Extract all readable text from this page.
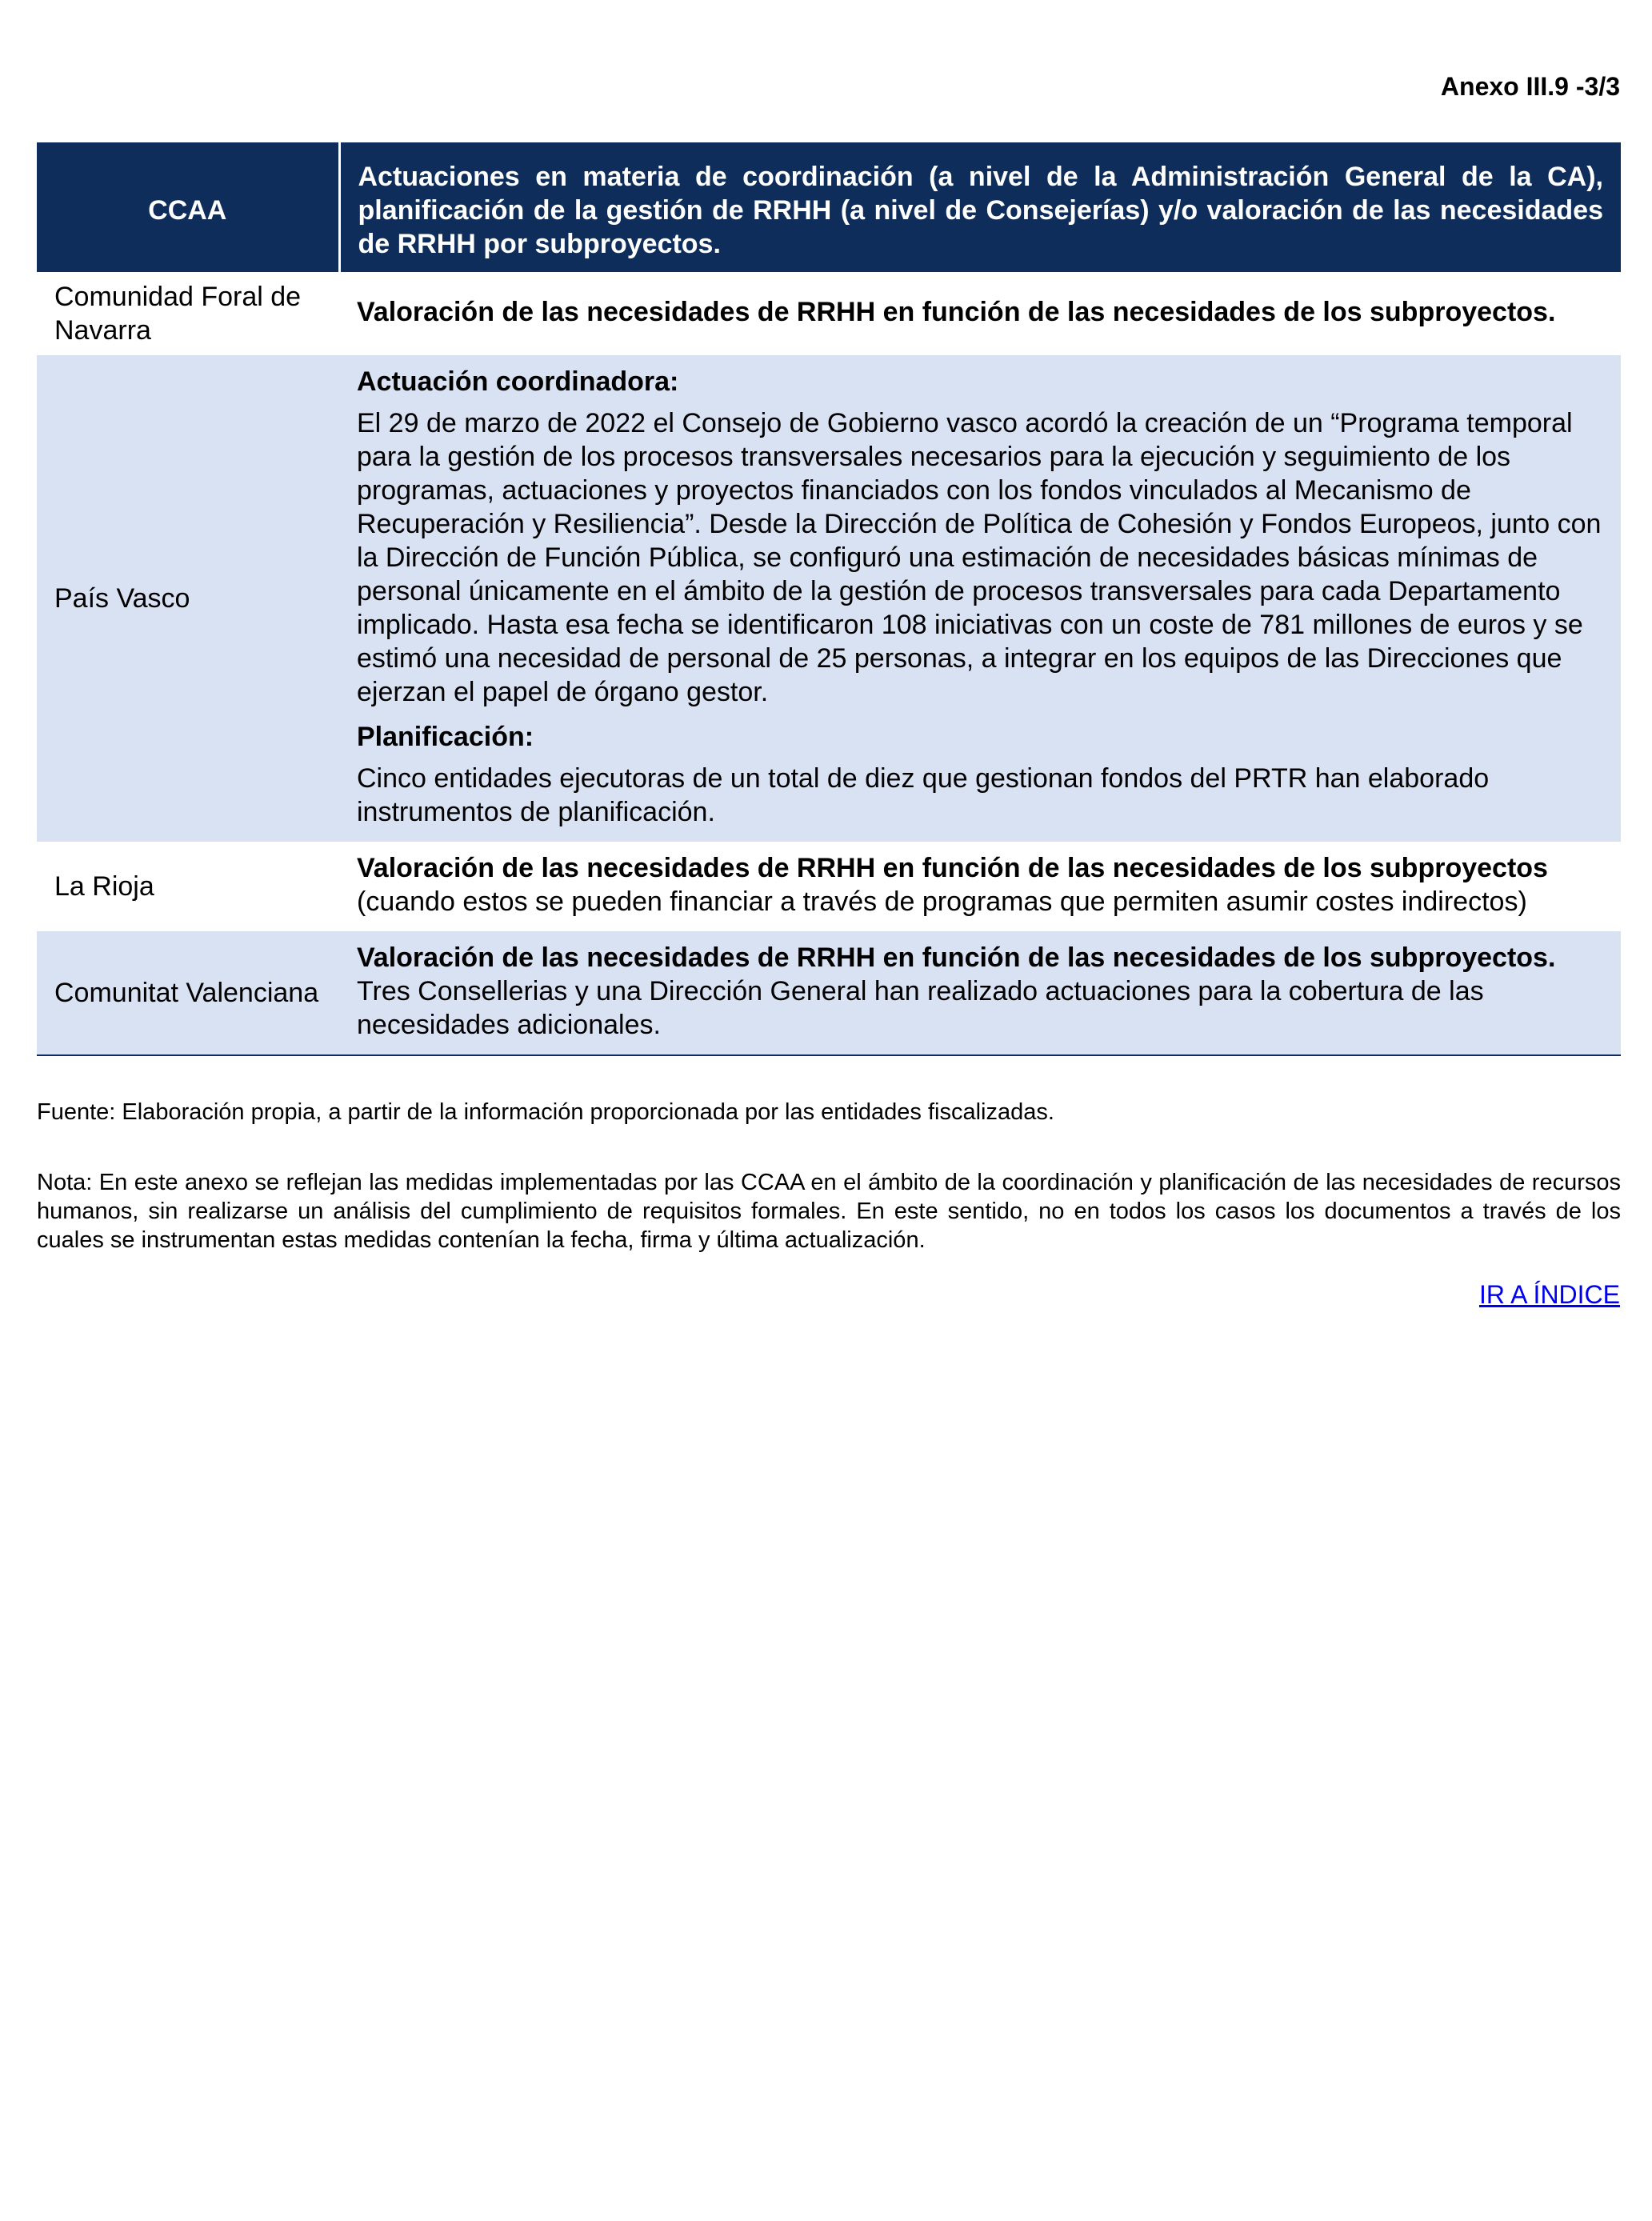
Anexo III.9 -3/3
CCAA	Actuaciones en materia de coordinación (a nivel de la Administración General de la CA), planificación de la gestión de RRHH (a nivel de Consejerías) y/o valoración de las necesidades de RRHH por subproyectos.
Comunidad Foral de Navarra	Valoración de las necesidades de RRHH en función de las necesidades de los subproyectos.
País Vasco	Actuación coordinadora:

El 29 de marzo de 2022 el Consejo de Gobierno vasco acordó la creación de un “Programa temporal para la gestión de los procesos transversales necesarios para la ejecución y seguimiento de los programas, actuaciones y proyectos financiados con los fondos vinculados al Mecanismo de Recuperación y Resiliencia”. Desde la Dirección de Política de Cohesión y Fondos Europeos, junto con la Dirección de Función Pública, se configuró una estimación de necesidades básicas mínimas de personal únicamente en el ámbito de la gestión de procesos transversales para cada Departamento implicado. Hasta esa fecha se identificaron 108 iniciativas con un coste de 781 millones de euros y se estimó una necesidad de personal de 25 personas, a integrar en los equipos de las Direcciones que ejerzan el papel de órgano gestor.

Planificación:

Cinco entidades ejecutoras de un total de diez que gestionan fondos del PRTR han elaborado instrumentos de planificación.

La Rioja	Valoración de las necesidades de RRHH en función de las necesidades de los subproyectos (cuando estos se pueden financiar a través de programas que permiten asumir costes indirectos)
Comunitat Valenciana	Valoración de las necesidades de RRHH en función de las necesidades de los subproyectos. Tres Consellerias y una Dirección General han realizado actuaciones para la cobertura de las necesidades adicionales.
Fuente: Elaboración propia, a partir de la información proporcionada por las entidades fiscalizadas.
Nota: En este anexo se reflejan las medidas implementadas por las CCAA en el ámbito de la coordinación y planificación de las necesidades de recursos humanos, sin realizarse un análisis del cumplimiento de requisitos formales. En este sentido, no en todos los casos los documentos a través de los cuales se instrumentan estas medidas contenían la fecha, firma y última actualización.
IR A ÍNDICE
